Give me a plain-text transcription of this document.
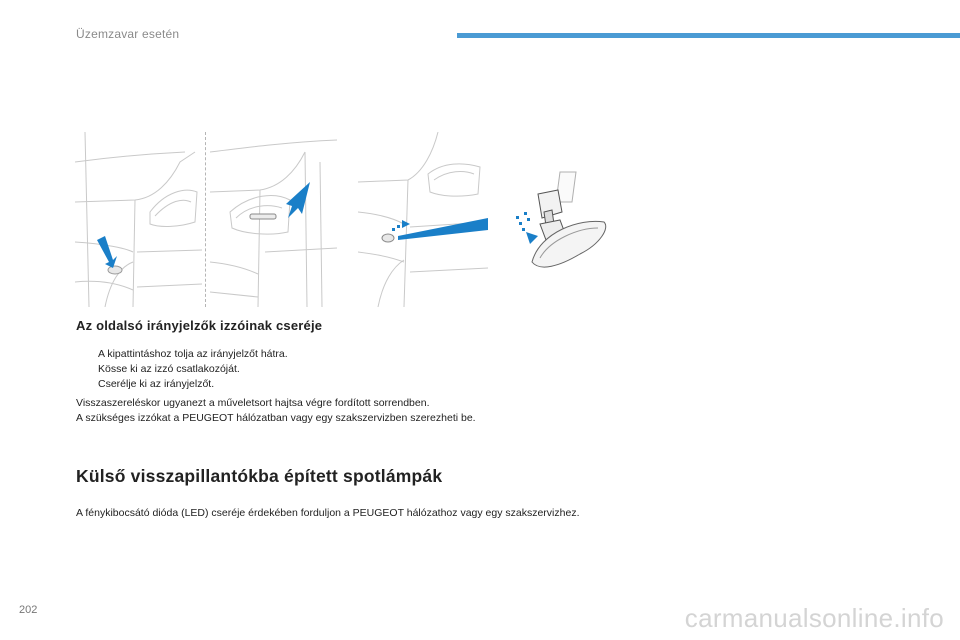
Üzemzavar esetén
Az oldalsó irányjelzők izzóinak cseréje
A kipattintáshoz tolja az irányjelzőt hátra.
Kösse ki az izzó csatlakozóját.
Cserélje ki az irányjelzőt.
Visszaszereléskor ugyanezt a műveletsort hajtsa végre fordított sorrendben.
A szükséges izzókat a PEUGEOT hálózatban vagy egy szakszervizben szerezheti be.
Külső visszapillantókba épített spotlámpák
A fénykibocsátó dióda (LED) cseréje érdekében forduljon a PEUGEOT hálózathoz vagy egy szakszervizhez.
202	carmanualsonline.info
